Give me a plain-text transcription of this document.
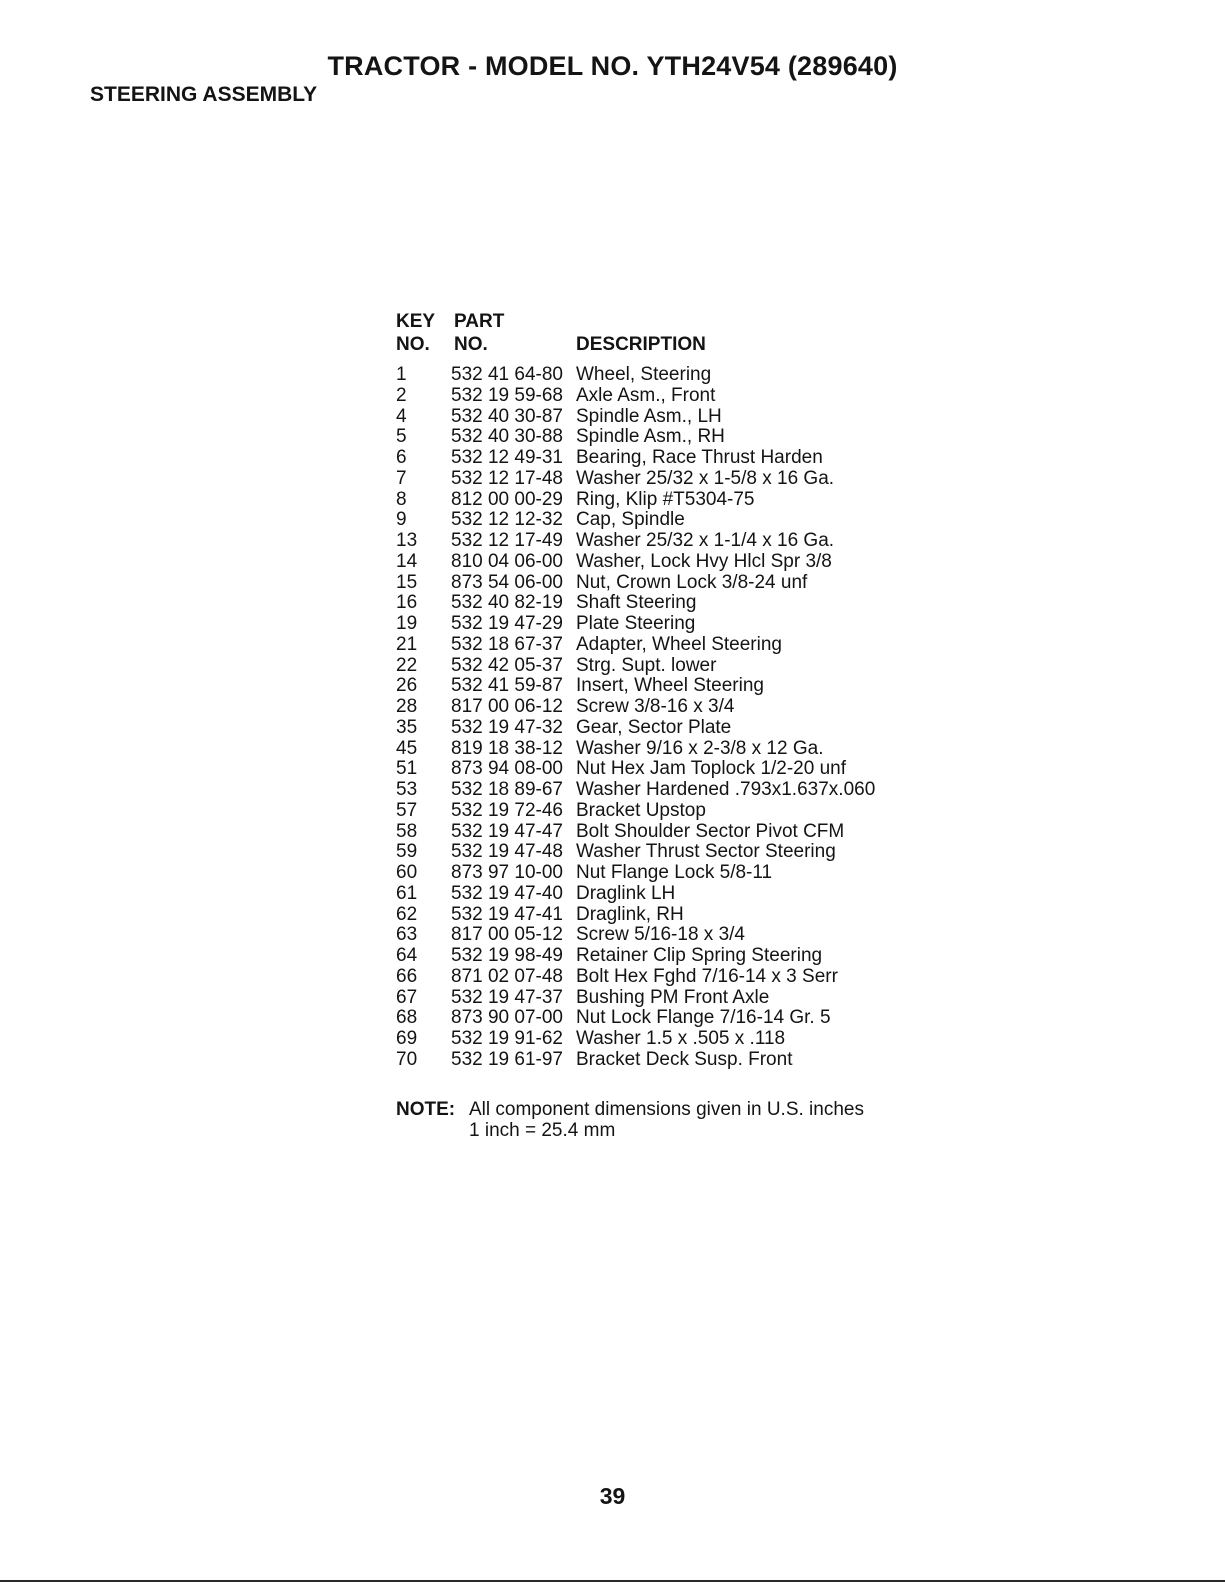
TRACTOR - MODEL NO. YTH24V54 (289640)
STEERING ASSEMBLY
KEY
NO.
PART
NO.	DESCRIPTION
1 532 41 64-80 Wheel, Steering
2 532 19 59-68 Axle Asm., Front
4 532 40 30-87 Spindle Asm., LH
5 532 40 30-88 Spindle Asm., RH
6 532 12 49-31 Bearing, Race Thrust Harden
7 532 12 17-48 Washer 25/32 x 1-5/8 x 16 Ga.
8 812 00 00-29 Ring, Klip #T5304-75
9 532 12 12-32 Cap, Spindle
13 532 12 17-49 Washer 25/32 x 1-1/4 x 16 Ga.
14 810 04 06-00 Washer, Lock Hvy Hlcl Spr 3/8
15 873 54 06-00 Nut, Crown Lock 3/8-24 unf
16 532 40 82-19 Shaft Steering
19 532 19 47-29 Plate Steering
21 532 18 67-37 Adapter, Wheel Steering
22 532 42 05-37 Strg. Supt. lower
26 532 41 59-87 Insert, Wheel Steering
28 817 00 06-12 Screw 3/8-16 x 3/4
35 532 19 47-32 Gear, Sector Plate
45 819 18 38-12 Washer 9/16 x 2-3/8 x 12 Ga.
51 873 94 08-00 Nut Hex Jam Toplock 1/2-20 unf
53 532 18 89-67 Washer Hardened .793x1.637x.060
57 532 19 72-46 Bracket Upstop
58 532 19 47-47 Bolt Shoulder Sector Pivot CFM
59 532 19 47-48 Washer Thrust Sector Steering
60 873 97 10-00 Nut Flange Lock 5/8-11
61 532 19 47-40 Draglink LH
62 532 19 47-41 Draglink, RH
63 817 00 05-12 Screw 5/16-18 x 3/4
64 532 19 98-49 Retainer Clip Spring Steering
66 871 02 07-48 Bolt Hex Fghd 7/16-14 x 3 Serr
67 532 19 47-37 Bushing PM Front Axle
68 873 90 07-00 Nut Lock Flange 7/16-14 Gr. 5
69 532 19 91-62 Washer 1.5 x .505 x .118
70 532 19 61-97 Bracket Deck Susp. Front
NOTE: All component dimensions given in U.S. inches
1 inch = 25.4 mm
39
